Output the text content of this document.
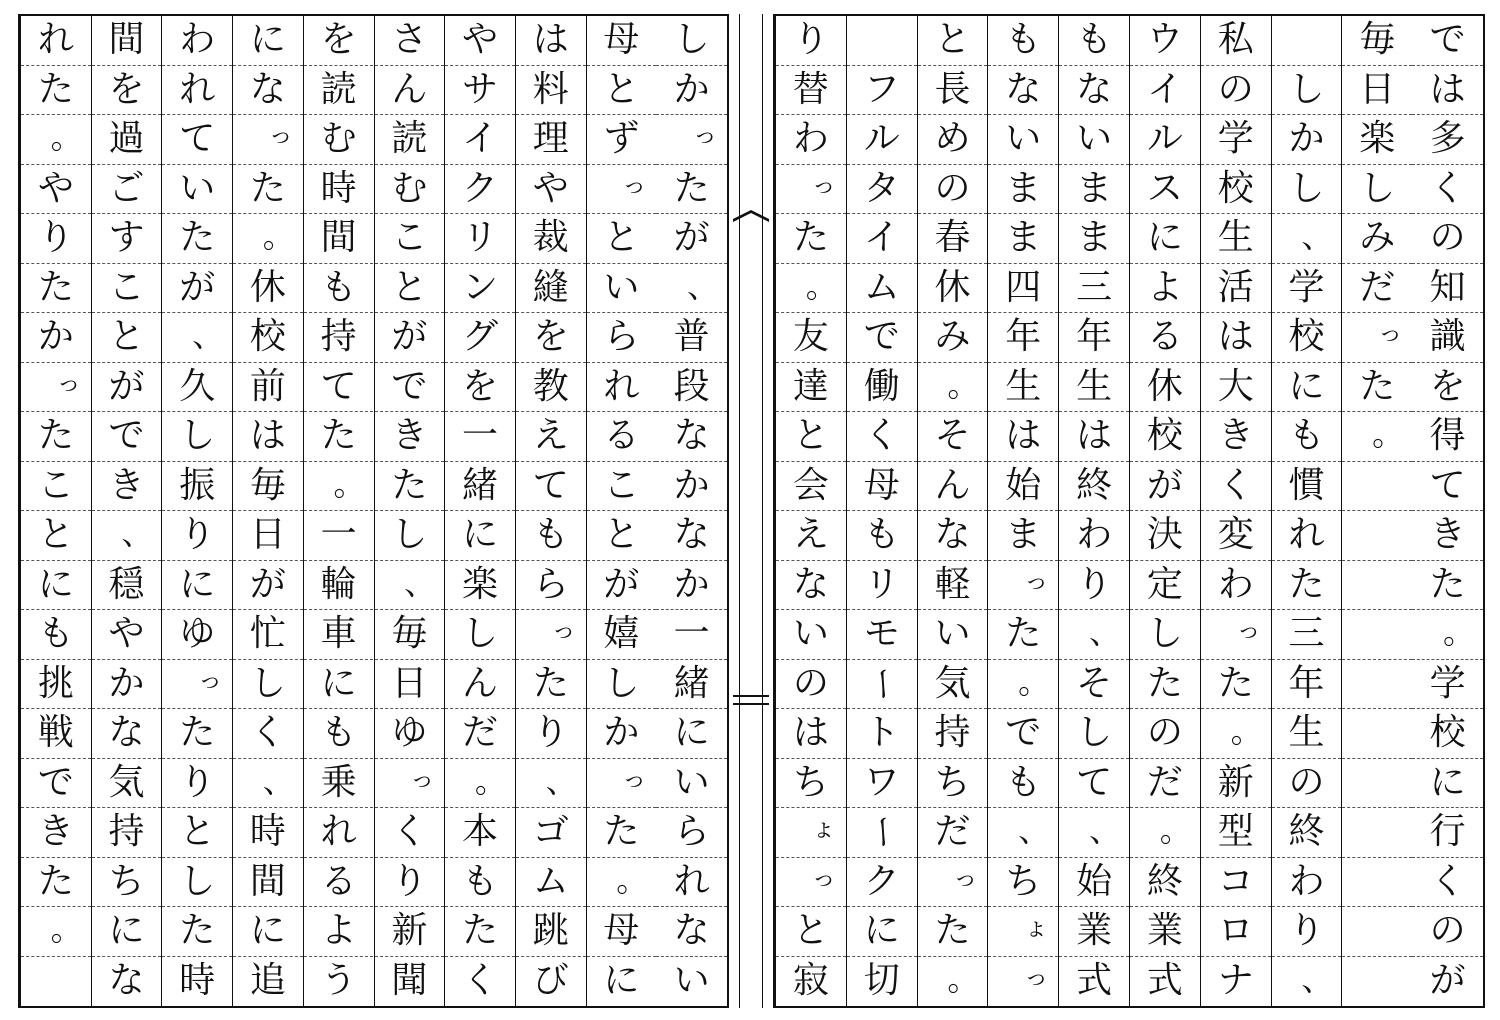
し
か
っ
た
が
、
普
段
な
か
な
か
一
緒
に
い
ら
れ
な
い
母
と
ず
っ
と
い
ら
れ
る
こ
と
が
嬉
し
か
っ
た
。
母
に
は
料
理
や
裁
縫
を
教
え
て
も
ら
っ
た
り
、
ゴ
ム
跳
び
や
サ
イ
ク
リ
ン
グ
を
一
緒
に
楽
し
ん
だ
。
本
も
た
く
さ
ん
読
む
こ
と
が
で
き
た
し
、
毎
日
ゆ
っ
く
り
新
聞
を
読
む
時
間
も
持
て
た
。
一
輪
車
に
も
乗
れ
る
よ
う
に
な
っ
た
。
休
校
前
は
毎
日
が
忙
し
く
、
時
間
に
追
わ
れ
て
い
た
が
、
久
し
振
り
に
ゆ
っ
た
り
と
し
た
時
間
を
過
ご
す
こ
と
が
で
き
、
穏
や
か
な
気
持
ち
に
な
れ
た
。
や
り
た
か
っ
た
こ
と
に
も
挑
戦
で
き
た
。
で
は
多
く
の
知
識
を
得
て
き
た
。
学
校
に
行
く
の
が
毎
日
楽
し
み
だ
っ
た
。
し
か
し
、
学
校
に
も
慣
れ
た
三
年
生
の
終
わ
り
、
私
の
学
校
生
活
は
大
き
く
変
わ
っ
た
。
新
型
コ
ロ
ナ
ウ
イ
ル
ス
に
よ
る
休
校
が
決
定
し
た
の
だ
。
終
業
式
も
な
い
ま
ま
三
年
生
は
終
わ
り
、
そ
し
て
、
始
業
式
も
な
い
ま
ま
四
年
生
は
始
ま
っ
た
。
で
も
、
ち
ょ
っ
と
長
め
の
春
休
み
。
そ
ん
な
軽
い
気
持
ち
だ
っ
た
。
フ
ル
タ
イ
ム
で
働
く
母
も
リ
モ
ー
ト
ワ
ー
ク
に
切
り
替
わ
っ
た
。
友
達
と
会
え
な
い
の
は
ち
ょ
っ
と
寂
